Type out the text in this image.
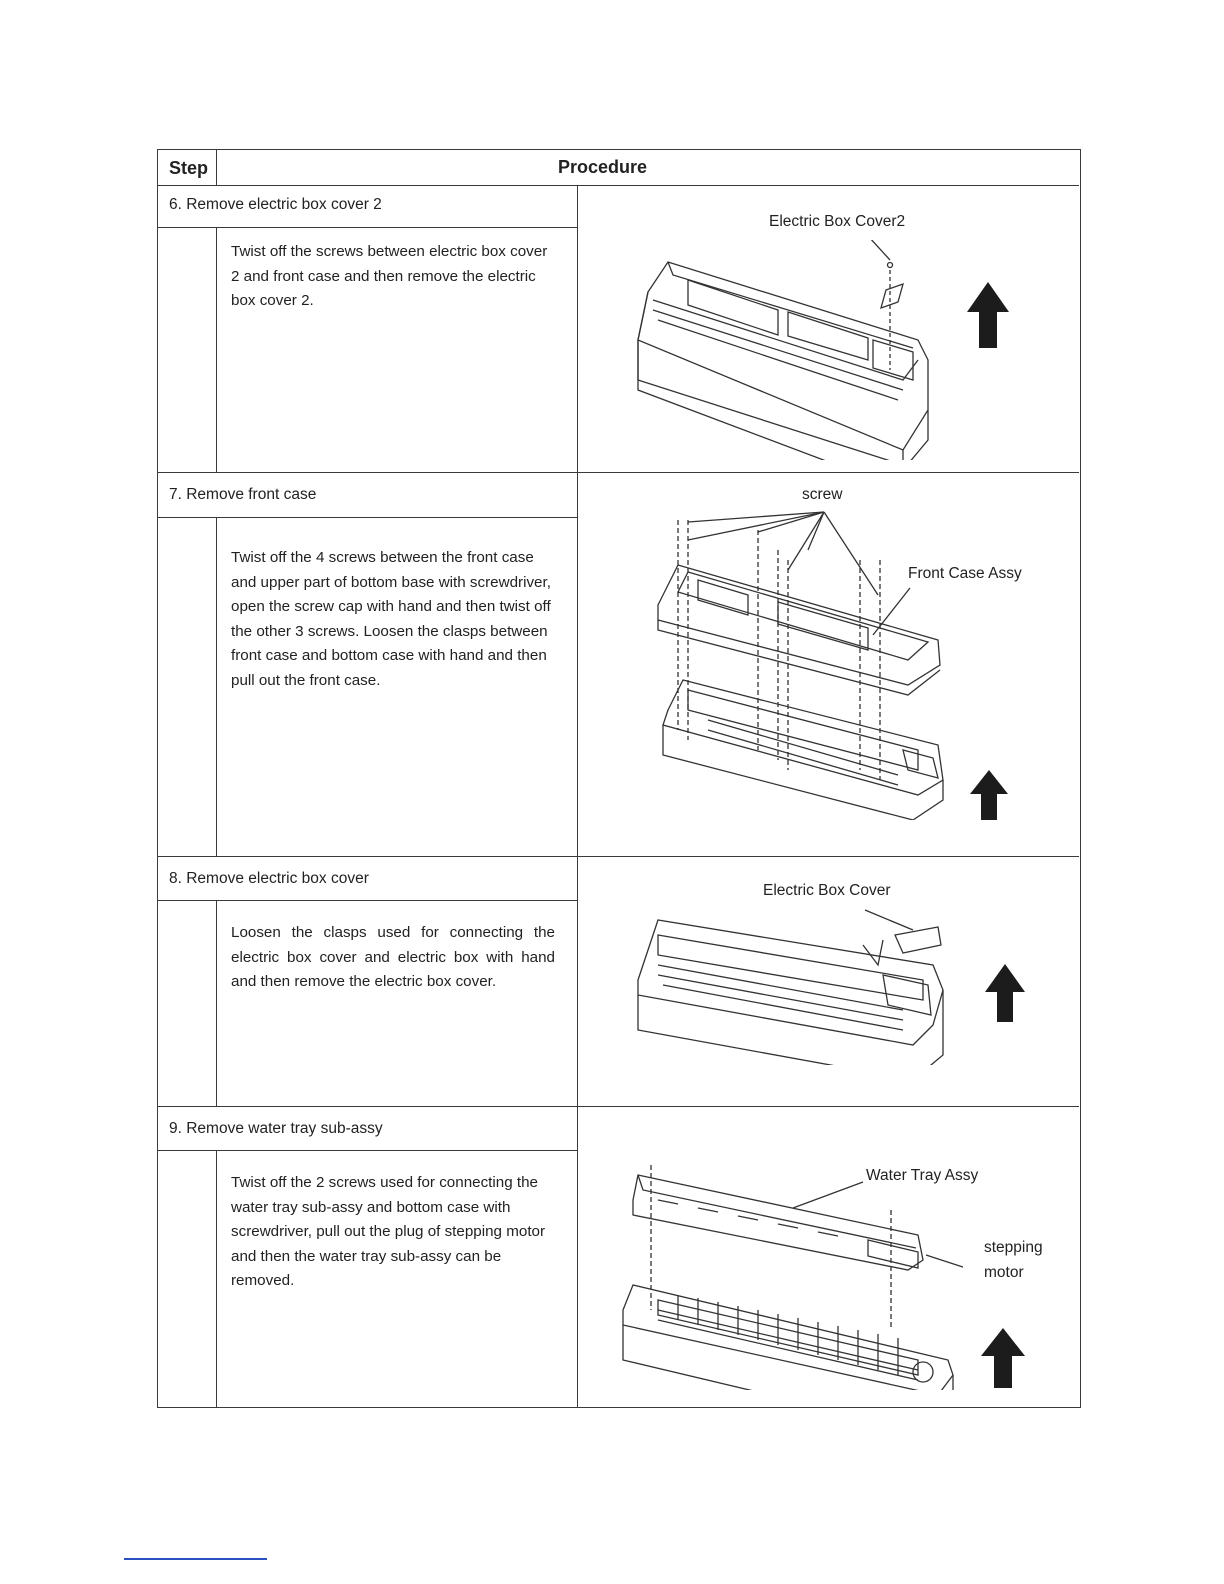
Step	Procedure
6. Remove electric box cover 2
Twist off the screws between electric box cover 2 and front case and then remove the electric box cover 2.
7. Remove front case
Twist off the 4 screws between the front case and upper part of bottom base with screwdriver, open the screw cap with hand and then twist off the other 3 screws. Loosen the clasps between front case and bottom case with hand and then pull out the front case.
8. Remove electric box cover
Loosen the clasps used for connecting the electric box cover and electric box with hand and then remove the electric box cover.
9. Remove water tray sub-assy
Twist off the 2 screws used for connecting the water tray sub-assy and bottom case with screwdriver, pull out the plug of stepping motor and then the water tray sub-assy can be removed.
Electric Box Cover2
screw
Front Case Assy
Electric Box Cover
Water Tray Assy
stepping
motor
